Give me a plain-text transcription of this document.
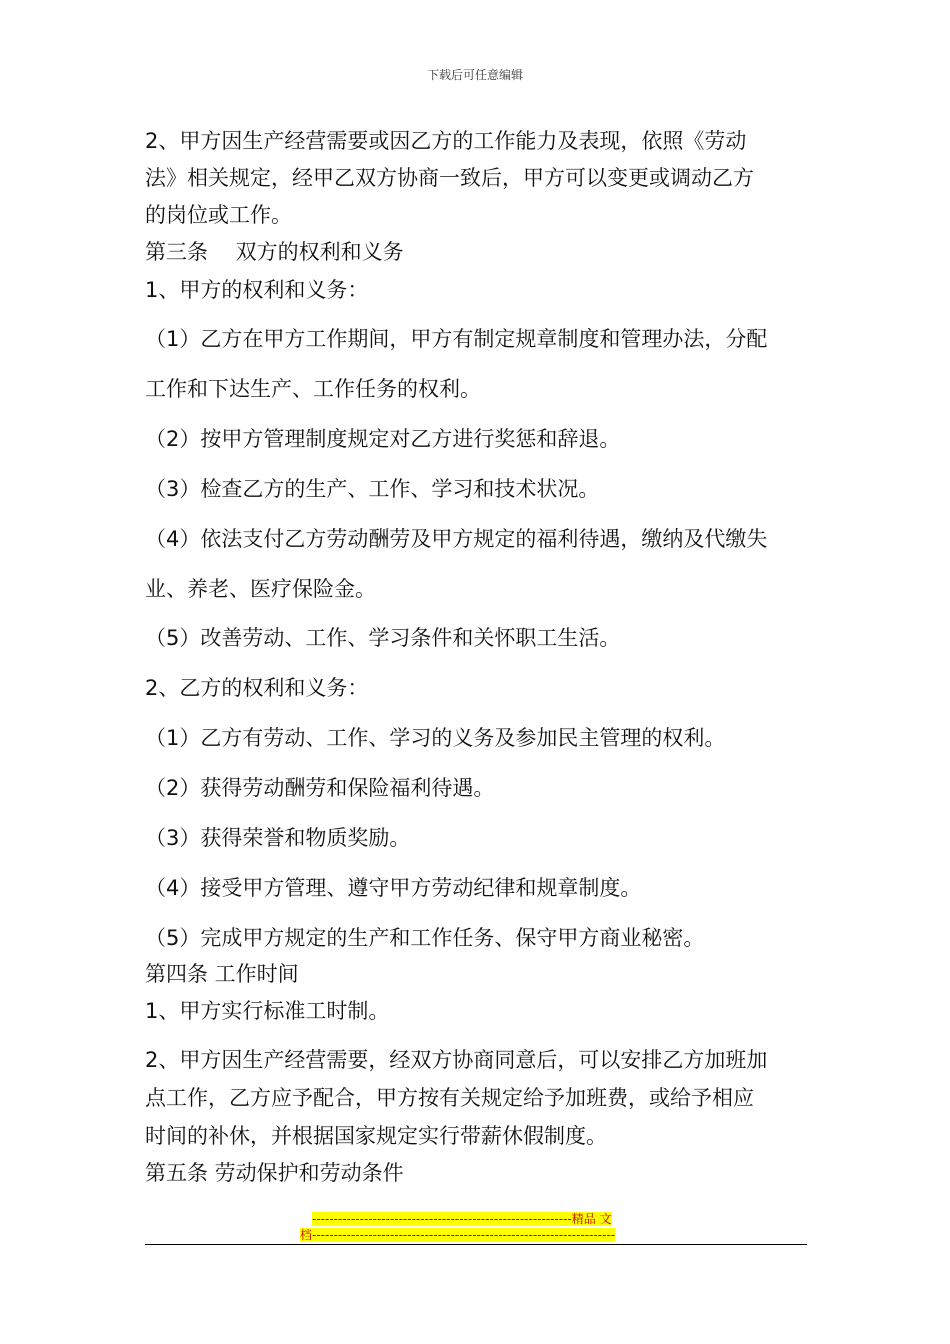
下载后可任意编辑
2、甲方因生产经营需要或因乙方的工作能力及表现，依照《劳动
法》相关规定，经甲乙双方协商一致后，甲方可以变更或调动乙方
的岗位或工作。
第三条　 双方的权利和义务
1、甲方的权利和义务：
（1）乙方在甲方工作期间，甲方有制定规章制度和管理办法，分配
工作和下达生产、工作任务的权利。
（2）按甲方管理制度规定对乙方进行奖惩和辞退。
（3）检查乙方的生产、工作、学习和技术状况。
（4）依法支付乙方劳动酬劳及甲方规定的福利待遇，缴纳及代缴失
业、养老、医疗保险金。
（5）改善劳动、工作、学习条件和关怀职工生活。
2、乙方的权利和义务：
（1）乙方有劳动、工作、学习的义务及参加民主管理的权利。
（2）获得劳动酬劳和保险福利待遇。
（3）获得荣誉和物质奖励。
（4）接受甲方管理、遵守甲方劳动纪律和规章制度。
（5）完成甲方规定的生产和工作任务、保守甲方商业秘密。
第四条 工作时间
1、甲方实行标准工时制。
2、甲方因生产经营需要，经双方协商同意后，可以安排乙方加班加
点工作，乙方应予配合，甲方按有关规定给予加班费，或给予相应
时间的补休，并根据国家规定实行带薪休假制度。
第五条 劳动保护和劳动条件
------------------------------------------------------------精品 文
档----------------------------------------------------------------------
